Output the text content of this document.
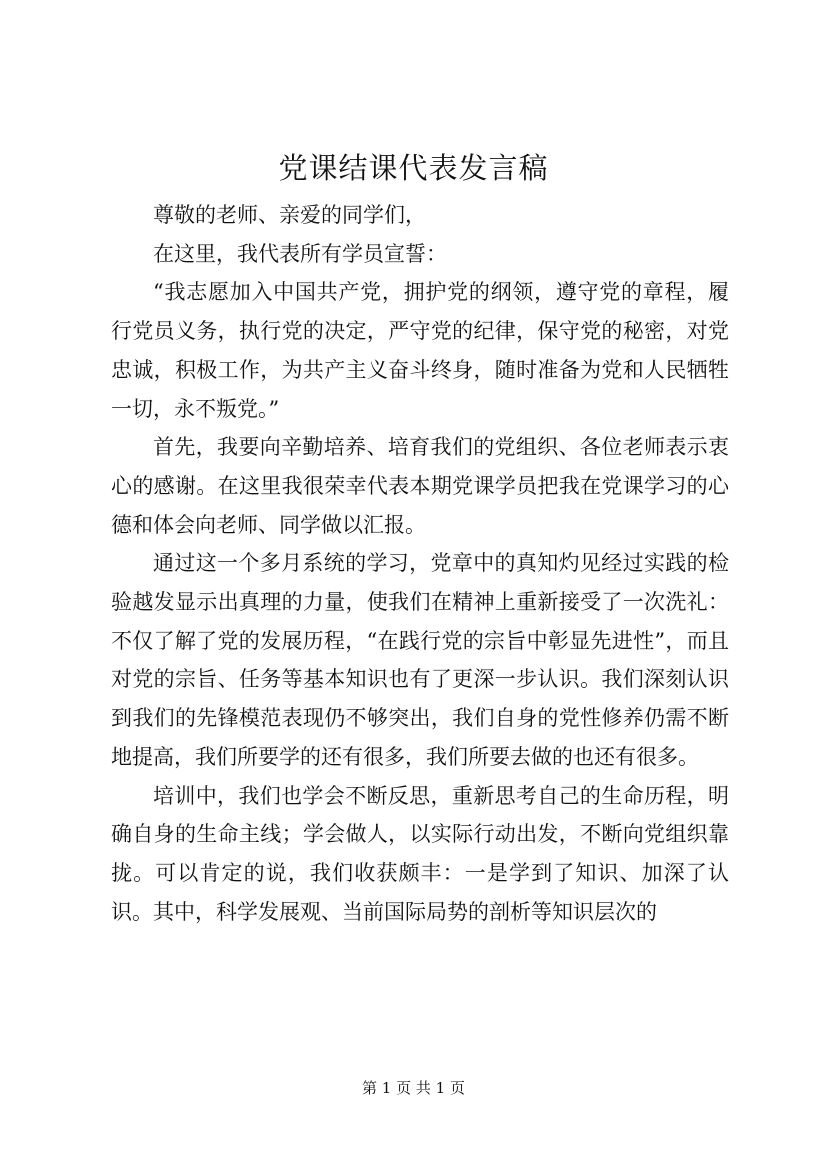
党课结课代表发言稿

尊敬的老师、亲爱的同学们，

在这里，我代表所有学员宣誓：

“我志愿加入中国共产党，拥护党的纲领，遵守党的章程，履行党员义务，执行党的决定，严守党的纪律，保守党的秘密，对党忠诚，积极工作，为共产主义奋斗终身，随时准备为党和人民牺牲一切，永不叛党。”

首先，我要向辛勤培养、培育我们的党组织、各位老师表示衷心的感谢。在这里我很荣幸代表本期党课学员把我在党课学习的心德和体会向老师、同学做以汇报。

通过这一个多月系统的学习，党章中的真知灼见经过实践的检验越发显示出真理的力量，使我们在精神上重新接受了一次洗礼：不仅了解了党的发展历程，“在践行党的宗旨中彰显先进性”，而且对党的宗旨、任务等基本知识也有了更深一步认识。我们深刻认识到我们的先锋模范表现仍不够突出，我们自身的党性修养仍需不断地提高，我们所要学的还有很多，我们所要去做的也还有很多。

培训中，我们也学会不断反思，重新思考自己的生命历程，明确自身的生命主线；学会做人，以实际行动出发，不断向党组织靠拢。可以肯定的说，我们收获颇丰：一是学到了知识、加深了认识。其中，科学发展观、当前国际局势的剖析等知识层次的

第 1 页 共 1 页
